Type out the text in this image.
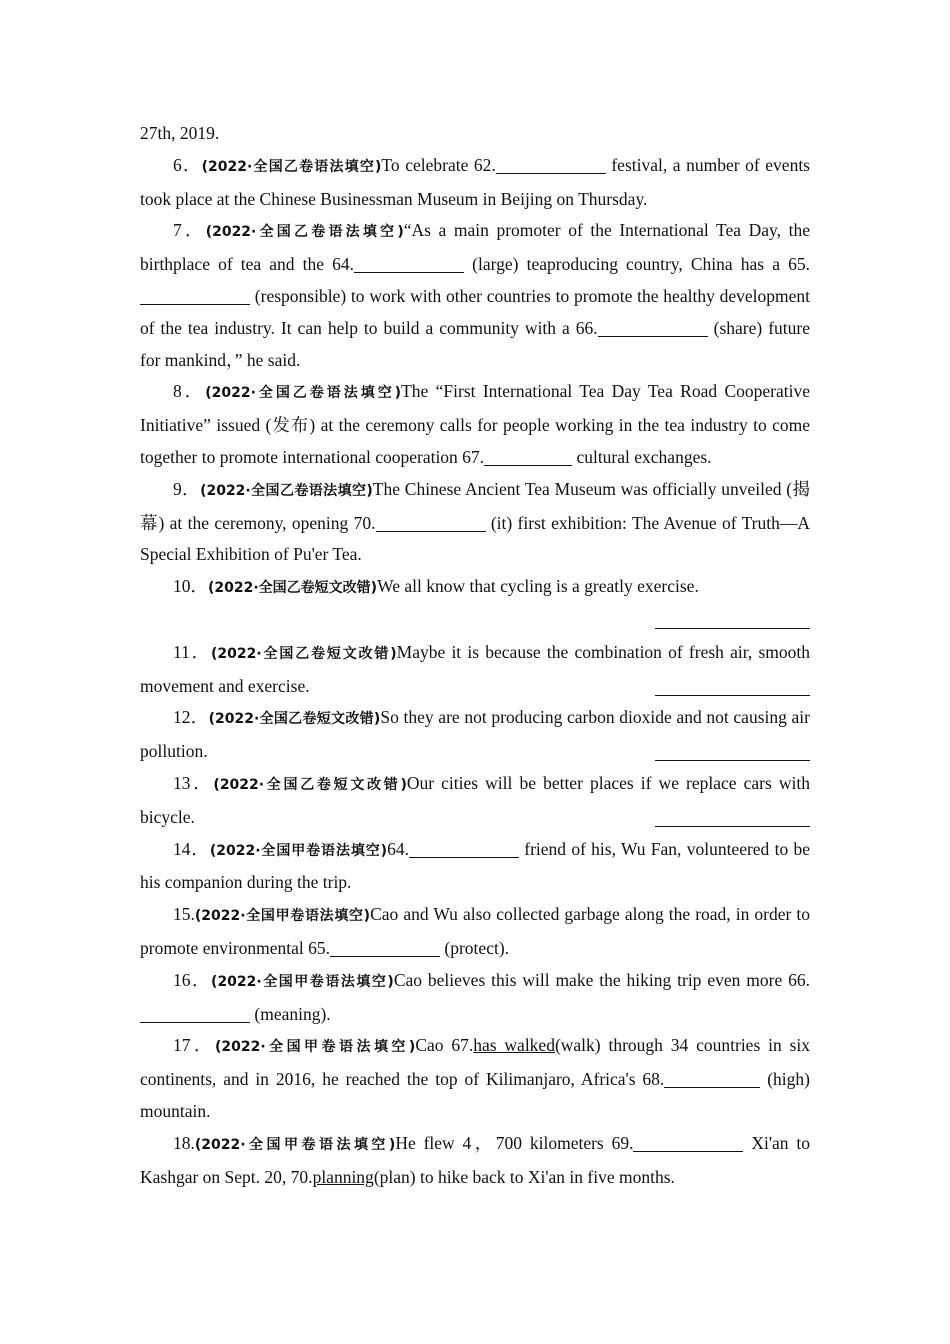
27th, 2019.

6．(2022·全国乙卷语法填空)To celebrate 62.	festival, a number of events took place at the Chinese Businessman Museum in Beijing on Thursday.

7．(2022·全国乙卷语法填空)“As a main promoter of the International Tea Day, the birthplace of tea and the 64.	(large) teaproducing country, China has a 65. (responsible) to work with other countries to promote the healthy development of the tea industry. It can help to build a community with a 66.	(share) future for mankind，” he said.

8．(2022·全国乙卷语法填空)The “First International Tea Day Tea Road Cooperative Initiative” issued (发布) at the ceremony calls for people working in the tea industry to come together to promote international cooperation 67.	cultural exchanges.

9．(2022·全国乙卷语法填空)The Chinese Ancient Tea Museum was officially unveiled (揭幕) at the ceremony, opening 70.	(it) first exhibition: The Avenue of Truth—A Special Exhibition of Pu'er Tea.

10．(2022·全国乙卷短文改错)We all know that cycling is a greatly exercise.

11．(2022·全国乙卷短文改错)Maybe it is because the combination of fresh air, smooth movement and exercise.

12．(2022·全国乙卷短文改错)So they are not producing carbon dioxide and not causing air pollution.

13．(2022·全国乙卷短文改错)Our cities will be better places if we replace cars with bicycle.

14．(2022·全国甲卷语法填空)64.	friend of his, Wu Fan, volunteered to be his companion during the trip.

15.(2022·全国甲卷语法填空)Cao and Wu also collected garbage along the road, in order to promote environmental 65.	(protect).

16．(2022·全国甲卷语法填空)Cao believes this will make the hiking trip even more 66. (meaning).

17．(2022·全国甲卷语法填空)Cao 67.has walked(walk) through 34 countries in six continents, and in 2016, he reached the top of Kilimanjaro, Africa's 68.	(high) mountain.

18.(2022·全国甲卷语法填空)He flew 4，700 kilometers 69.	Xi'an to Kashgar on Sept. 20, 70.planning(plan) to hike back to Xi'an in five months.
